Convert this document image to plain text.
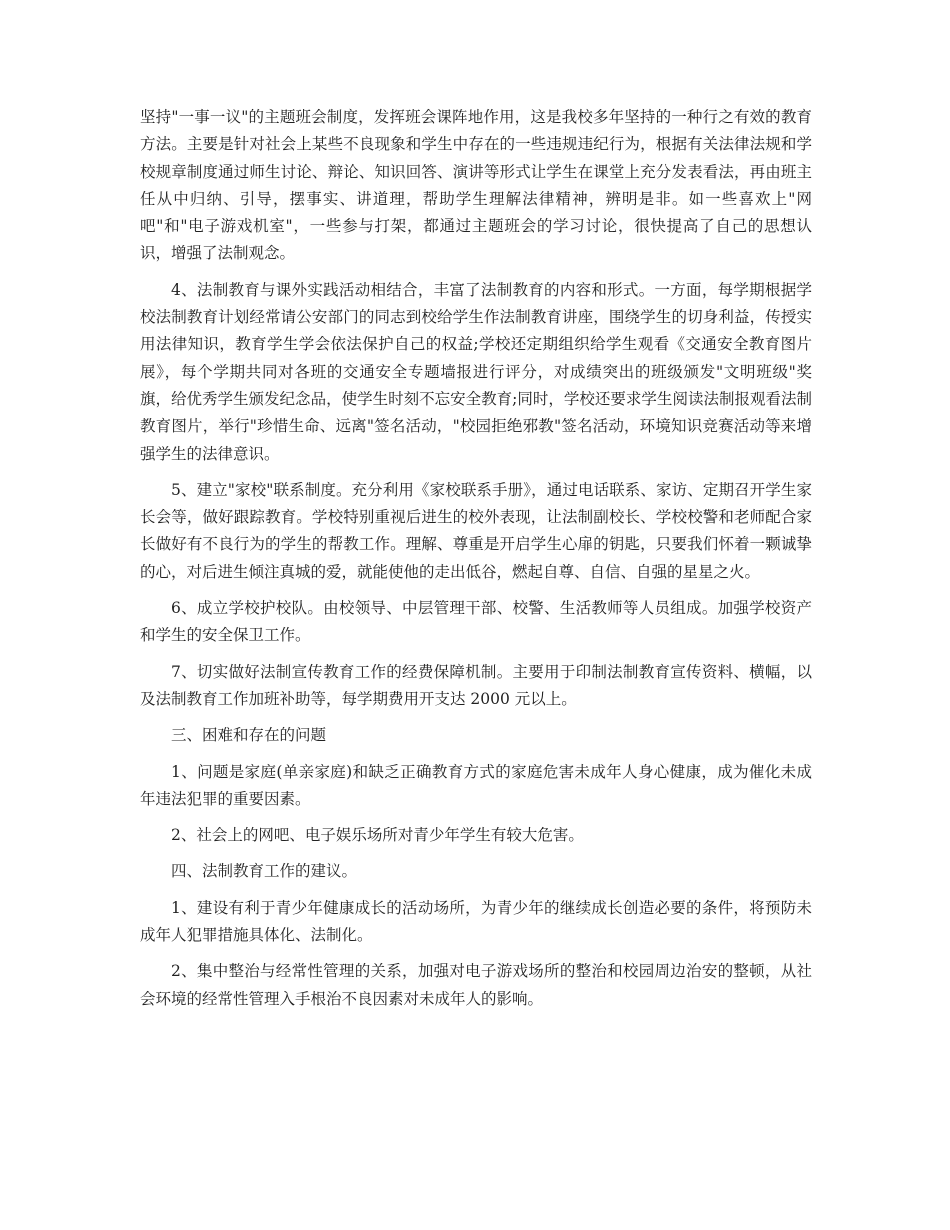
坚持"一事一议"的主题班会制度，发挥班会课阵地作用，这是我校多年坚持的一种行之有效的教育方法。主要是针对社会上某些不良现象和学生中存在的一些违规违纪行为，根据有关法律法规和学校规章制度通过师生讨论、辩论、知识回答、演讲等形式让学生在课堂上充分发表看法，再由班主任从中归纳、引导，摆事实、讲道理，帮助学生理解法律精神，辨明是非。如一些喜欢上"网吧"和"电子游戏机室"，一些参与打架，都通过主题班会的学习讨论，很快提高了自己的思想认识，增强了法制观念。

4、法制教育与课外实践活动相结合，丰富了法制教育的内容和形式。一方面，每学期根据学校法制教育计划经常请公安部门的同志到校给学生作法制教育讲座，围绕学生的切身利益，传授实用法律知识，教育学生学会依法保护自己的权益;学校还定期组织给学生观看《交通安全教育图片展》，每个学期共同对各班的交通安全专题墙报进行评分，对成绩突出的班级颁发"文明班级"奖旗，给优秀学生颁发纪念品，使学生时刻不忘安全教育;同时，学校还要求学生阅读法制报观看法制教育图片，举行"珍惜生命、远离"签名活动，"校园拒绝邪教"签名活动，环境知识竞赛活动等来增强学生的法律意识。

5、建立"家校"联系制度。充分利用《家校联系手册》，通过电话联系、家访、定期召开学生家长会等，做好跟踪教育。学校特别重视后进生的校外表现，让法制副校长、学校校警和老师配合家长做好有不良行为的学生的帮教工作。理解、尊重是开启学生心扉的钥匙，只要我们怀着一颗诚挚的心，对后进生倾注真城的爱，就能使他的走出低谷，燃起自尊、自信、自强的星星之火。

6、成立学校护校队。由校领导、中层管理干部、校警、生活教师等人员组成。加强学校资产和学生的安全保卫工作。

7、切实做好法制宣传教育工作的经费保障机制。主要用于印制法制教育宣传资料、横幅，以及法制教育工作加班补助等，每学期费用开支达 2000 元以上。

三、困难和存在的问题

1、问题是家庭(单亲家庭)和缺乏正确教育方式的家庭危害未成年人身心健康，成为催化未成年违法犯罪的重要因素。

2、社会上的网吧、电子娱乐场所对青少年学生有较大危害。

四、法制教育工作的建议。

1、建设有利于青少年健康成长的活动场所，为青少年的继续成长创造必要的条件，将预防未成年人犯罪措施具体化、法制化。

2、集中整治与经常性管理的关系，加强对电子游戏场所的整治和校园周边治安的整顿，从社会环境的经常性管理入手根治不良因素对未成年人的影响。
